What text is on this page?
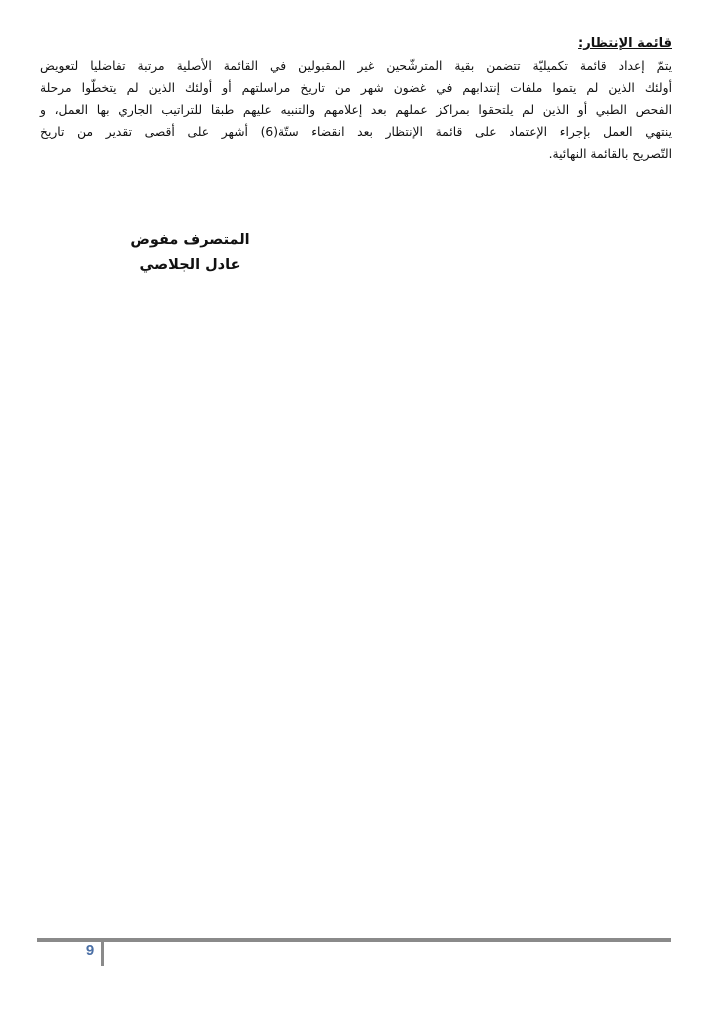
قائمة الإنتظار:

يتمّ إعداد قائمة تكميليّة تتضمن بقية المترشّحين غير المقبولين في القائمة الأصلية مرتبة تفاضليا لتعويض
أولئك الذين لم يتموا ملفات إنتدابهم في غضون شهر من تاريخ مراسلتهم أو أولئك الذين لم يتخطّوا مرحلة
الفحص الطبي أو الذين لم يلتحقوا بمراكز عملهم بعد إعلامهم والتنبيه عليهم طبقا للتراتيب الجاري بها العمل، و
ينتهي العمل بإجراء الإعتماد على قائمة الإنتظار بعد انقضاء ستّة(6) أشهر على أقصى تقدير من تاريخ
التّصريح بالقائمة النهائية.

المتصرف مفوض
عادل الجلاصي
9
